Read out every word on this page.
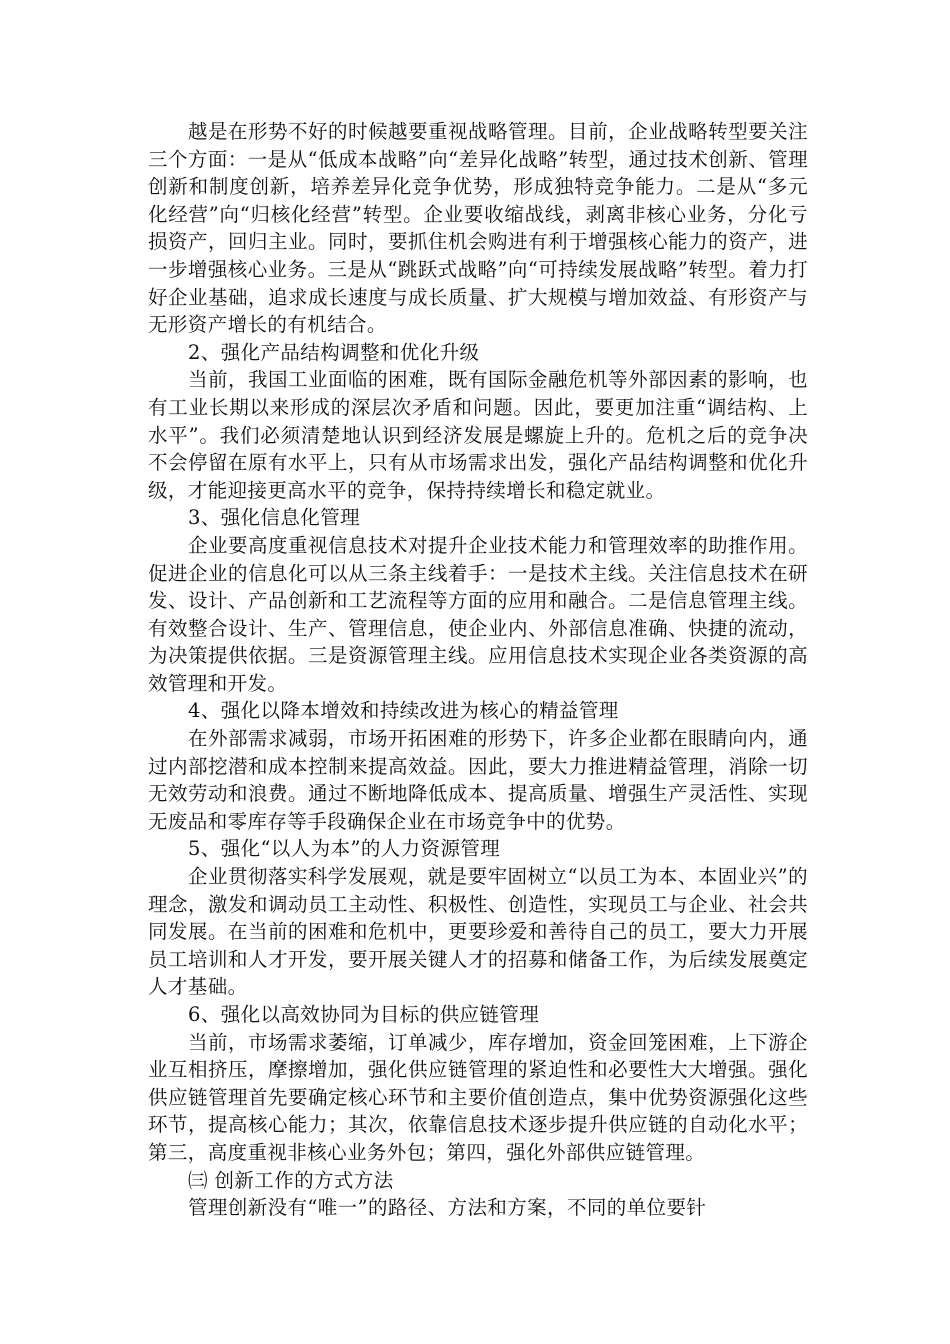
越是在形势不好的时候越要重视战略管理。目前，企业战略转型要关注三个方面：一是从“低成本战略”向“差异化战略”转型，通过技术创新、管理创新和制度创新，培养差异化竞争优势，形成独特竞争能力。二是从“多元化经营”向“归核化经营”转型。企业要收缩战线，剥离非核心业务，分化亏损资产，回归主业。同时，要抓住机会购进有利于增强核心能力的资产，进一步增强核心业务。三是从“跳跃式战略”向“可持续发展战略”转型。着力打好企业基础，追求成长速度与成长质量、扩大规模与增加效益、有形资产与无形资产增长的有机结合。

2、强化产品结构调整和优化升级

当前，我国工业面临的困难，既有国际金融危机等外部因素的影响，也有工业长期以来形成的深层次矛盾和问题。因此，要更加注重“调结构、上水平”。我们必须清楚地认识到经济发展是螺旋上升的。危机之后的竞争决不会停留在原有水平上，只有从市场需求出发，强化产品结构调整和优化升级，才能迎接更高水平的竞争，保持持续增长和稳定就业。

3、强化信息化管理

企业要高度重视信息技术对提升企业技术能力和管理效率的助推作用。促进企业的信息化可以从三条主线着手：一是技术主线。关注信息技术在研发、设计、产品创新和工艺流程等方面的应用和融合。二是信息管理主线。有效整合设计、生产、管理信息，使企业内、外部信息准确、快捷的流动，为决策提供依据。三是资源管理主线。应用信息技术实现企业各类资源的高效管理和开发。

4、强化以降本增效和持续改进为核心的精益管理

在外部需求减弱，市场开拓困难的形势下，许多企业都在眼睛向内，通过内部挖潜和成本控制来提高效益。因此，要大力推进精益管理，消除一切无效劳动和浪费。通过不断地降低成本、提高质量、增强生产灵活性、实现无废品和零库存等手段确保企业在市场竞争中的优势。

5、强化“以人为本”的人力资源管理

企业贯彻落实科学发展观，就是要牢固树立“以员工为本、本固业兴”的理念，激发和调动员工主动性、积极性、创造性，实现员工与企业、社会共同发展。在当前的困难和危机中，更要珍爱和善待自己的员工，要大力开展员工培训和人才开发，要开展关键人才的招募和储备工作，为后续发展奠定人才基础。

6、强化以高效协同为目标的供应链管理

当前，市场需求萎缩，订单减少，库存增加，资金回笼困难，上下游企业互相挤压，摩擦增加，强化供应链管理的紧迫性和必要性大大增强。强化供应链管理首先要确定核心环节和主要价值创造点，集中优势资源强化这些环节，提高核心能力；其次，依靠信息技术逐步提升供应链的自动化水平；第三，高度重视非核心业务外包；第四，强化外部供应链管理。

㈢ 创新工作的方式方法

管理创新没有“唯一”的路径、方法和方案，不同的单位要针
